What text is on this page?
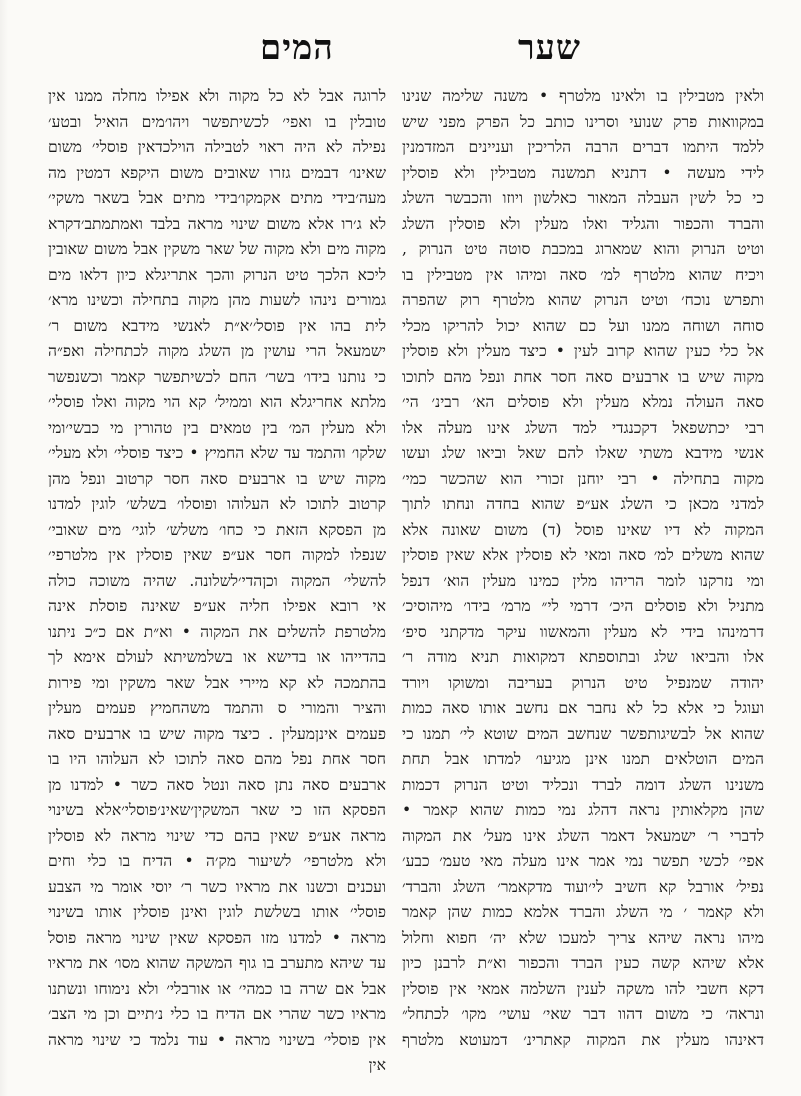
המים	שער
ולאין מטבילין בו ולאינו מלטרף • משנה שלימה שנינו
במקוואות פרק שנועי וסרינו כותב כל הפרק מפני שיש
ללמד היתמו דברים הרבה הלריכין ועניינים המזדמנין
לידי מעשה • דתניא תמשנה מטבילין ולא פוסלין
כי כל לשין העבלה המאור כאלשון ויוזו והכבשר השלג
והברד והכפור והגליד ואלו מעלין ולא פוסלין השלג
וטיט הנרוק והוא שמארוג במכבת סוטה טיט הנרוק ,
ויכיח שהוא מלטרף למ׳ סאה ומיהו אין מטבילין בו
ותפרש נוכח׳ וטיט הנרוק שהוא מלטרף רוק שהפרה
סוחה ושוחה ממנו ועל כם שהוא יכול להריקו מכלי
אל כלי כעין שהוא קרוב לעין • כיצד מעלין ולא פוסלין
מקוה שיש בו ארבעים סאה חסר אחת ונפל מהם לתוכו
סאה העולה נמלא מעלין ולא פוסלים הא׳ רבינ׳ הי׳
רבי יכתשפאל דקכנגדי למד השלג אינו מעלה אלו
אנשי מידבא משתי שאלו להם שאל וביאו שלג ועשו
מקוה בתחילה • רבי יוחנן זכורי הוא שהכשר כמי׳
למדני מכאן כי השלג אע״פ שהוא בחדה ונחתו לתוך
המקוה לא דיו שאינו פוסל (ד) משום שאונה אלא
שהוא משלים למ׳ סאה ומאי לא פוסלין אלא שאין פוסלין
ומי נזרקנו לומר הריהו מלין כמינו מעלין הוא׳ דנפל
מתניל ולא פוסלים היכ׳ דרמי לי״ מרמ׳ בידו׳ מיהוסיכ׳
דרמינהו בידי לא מעלין והמאשוו עיקר מדקתני סיפ׳
אלו והביאו שלג ובתוספתא דמקואות תניא מודה ר׳
יהודה שמנפיל טיט הנרוק בעריבה ומשוקו ויורד
ועוגל כי אלא כל לא נחבר אם נחשב אותו סאה כמות
שהוא אל לבשיגותפשר שנחשב המים שוטא לי׳ תמנו כי
המים הוטלאים תמנו אינן מגיעו׳ למדתו אבל תחת
משנינו השלג דומה לברד ונכליד וטיט הנרוק דכמות
שהן מקלאותין נראה דהלג נמי כמות שהוא קאמר •
לדברי ר׳ ישמעאל דאמר השלג אינו מעל׳ את המקוה
אפי׳ לכשי תפשר נמי אמר אינו מעלה מאי טעמ׳ כבע׳
נפיל׳ אורבל קא חשיב לי׳ועוד מדקאמר׳ השלג והברד׳
ולא קאמר ׳ מי השלג והברד אלמא כמות שהן קאמר
מיהו נראה שיהא צריך למעכו שלא יה׳ חפוא וחלול
אלא שיהא קשה כעין הברד והכפור וא״ת לרבנן כיון
דקא חשבי להו משקה לענין השלמה אמאי אין פוסלין
ונראה׳ כי משום דהוו דבר שאי׳ עושי׳ מקו׳ לכתחל״
דאינהו מעלין את המקוה קאתרינ׳ דמעוטא מלטרף
לרוגה אבל לא כל מקוה ולא אפילו מחלה ממנו אין
טובלין בו ואפי׳ לכשיתפשר ויהו׳מים הואיל ובטע׳
נפילה לא היה ראוי לטבילה הוילכדאין פוסלי׳ משום
שאינו׳ דבמים גזרו שאובים משום היקפא דמטין מה
מעה׳בידי מתים אקמקו׳בידי מתים אבל בשאר משקי׳
לא ג׳רו אלא משום שינוי מראה בלבד ואמתמתב׳דקרא
מקוה מים ולא מקוה של שאר משקין אבל משום שאובין
ליכא הלכך טיט הנרוק והכך אתריגלא כיון דלאו מים
גמורים נינהו לשעות מהן מקוה בתחילה וכשינו מרא׳
לית בהו אין פוסל׳׳א״ת לאנשי מידבא משום ר׳
ישמעאל הרי עושין מן השלג מקוה לכתחילה ואפ״ה
כי נותנו בידו׳ בשר׳ החם לכשיתפשר קאמר וכשנפשר
מלתא אחריגלא הוא וממיל׳ קא הוי מקוה ואלו פוסלי׳
ולא מעלין המ׳ בין טמאים בין טהורין מי כבשי׳ומי
שלקו׳ והתמד עד שלא החמיץ • כיצד פוסלי׳ ולא מעלי׳
מקוה שיש בו ארבעים סאה חסר קרטוב ונפל מהן
קרטוב לתוכו לא העלוהו ופוסלו׳ בשלש׳ לוגין למדנו
מן הפסקא הזאת כי כחו׳ משלש׳ לוגי׳ מים שאובי׳
שנפלו למקוה חסר אע״פ שאין פוסלין אין מלטרפי׳
להשלי׳ המקוה וכןהדי׳לשלונה. שהיה משוכה כולה
אי רובא אפילו חליה אע״פ שאינה פוסלת אינה
מלטרפת להשלים את המקוה • וא״ת אם כ״כ ניתנו
בהדייהו או בדישא או בשלמשיתא לעולם אימא לך
בהתמכה לא קא מיירי אבל שאר משקין ומי פירות
והציר והמורי ס והתמד משהחמיץ פעמים מעלין
פעמים אינןמעלין . כיצד מקוה שיש בו ארבעים סאה
חסר אחת נפל מהם סאה לתוכו לא העלוהו היו בו
ארבעים סאה נתן סאה ונטל סאה כשר • למדנו מן
הפסקא הזו כי שאר המשקין׳שאינ׳פוסלי׳אלא בשינוי
מראה אע״פ שאין בהם כדי שינוי מראה לא פוסלין
ולא מלטרפי׳ לשיעור מק׳ה • הדיח בו כלי וחים
ועכנים וכשנו את מראיו כשר ר׳ יוסי אומר מי הצבע
פוסלי׳ אותו בשלשת לוגין ואינן פוסלין אותו בשינוי
מראה • למדנו מזו הפסקא שאין שינוי מראה פוסל
עד שיהא מתערב בו גוף המשקה שהוא מסו׳ את מראיו
אבל אם שרה בו כמהי׳ או אורבלי׳ ולא נימוחו ונשתנו
מראיו כשר שהרי אם הדיח בו כלי נ׳תיים וכן מי הצב׳
אין פוסלי׳ בשינוי מראה • עוד נלמד כי שינוי מראה
אין
